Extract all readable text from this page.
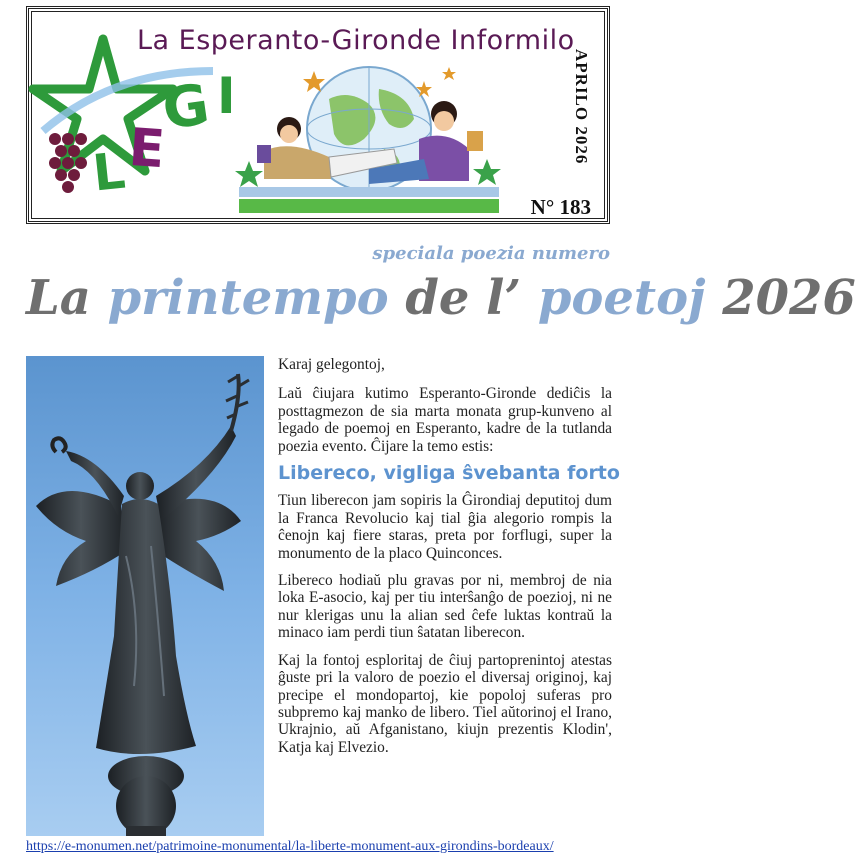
La Esperanto-Gironde Informilo
APRILO 2026
N° 183
L E
G I
speciala poezia numero
La printempo de l’ poetoj 2026

Karaj gelegontoj,

Laŭ ĉiujara kutimo Esperanto-Gironde dediĉis la posttagmezon de sia marta monata grup-kunveno al legado de poemoj en Esperanto, kadre de la tutlanda poezia evento. Ĉijare la temo estis:

Libereco, vigliga ŝvebanta forto

Tiun liberecon jam sopiris la Ĝirondiaj deputitoj dum la Franca Revolucio kaj tial ĝia alegorio rompis la ĉenojn kaj fiere staras, preta por forflugi, super la monumento de la placo Quinconces.

Libereco hodiaŭ plu gravas por ni, membroj de nia loka E-asocio, kaj per tiu interŝanĝo de poezioj, ni ne nur klerigas unu la alian sed ĉefe luktas kontraŭ la minaco iam perdi tiun ŝatatan liberecon.

Kaj la fontoj esploritaj de ĉiuj partoprenintoj atestas ĝuste pri la valoro de poezio el diversaj originoj, kaj precipe el mondopartoj, kie popoloj suferas pro subpremo kaj manko de libero. Tiel aŭtorinoj el Irano, Ukrajnio, aŭ Afganistano, kiujn prezentis Klodin', Katja kaj Elvezio.

https://e-monumen.net/patrimoine-monumental/la-liberte-monument-aux-girondins-bordeaux/
